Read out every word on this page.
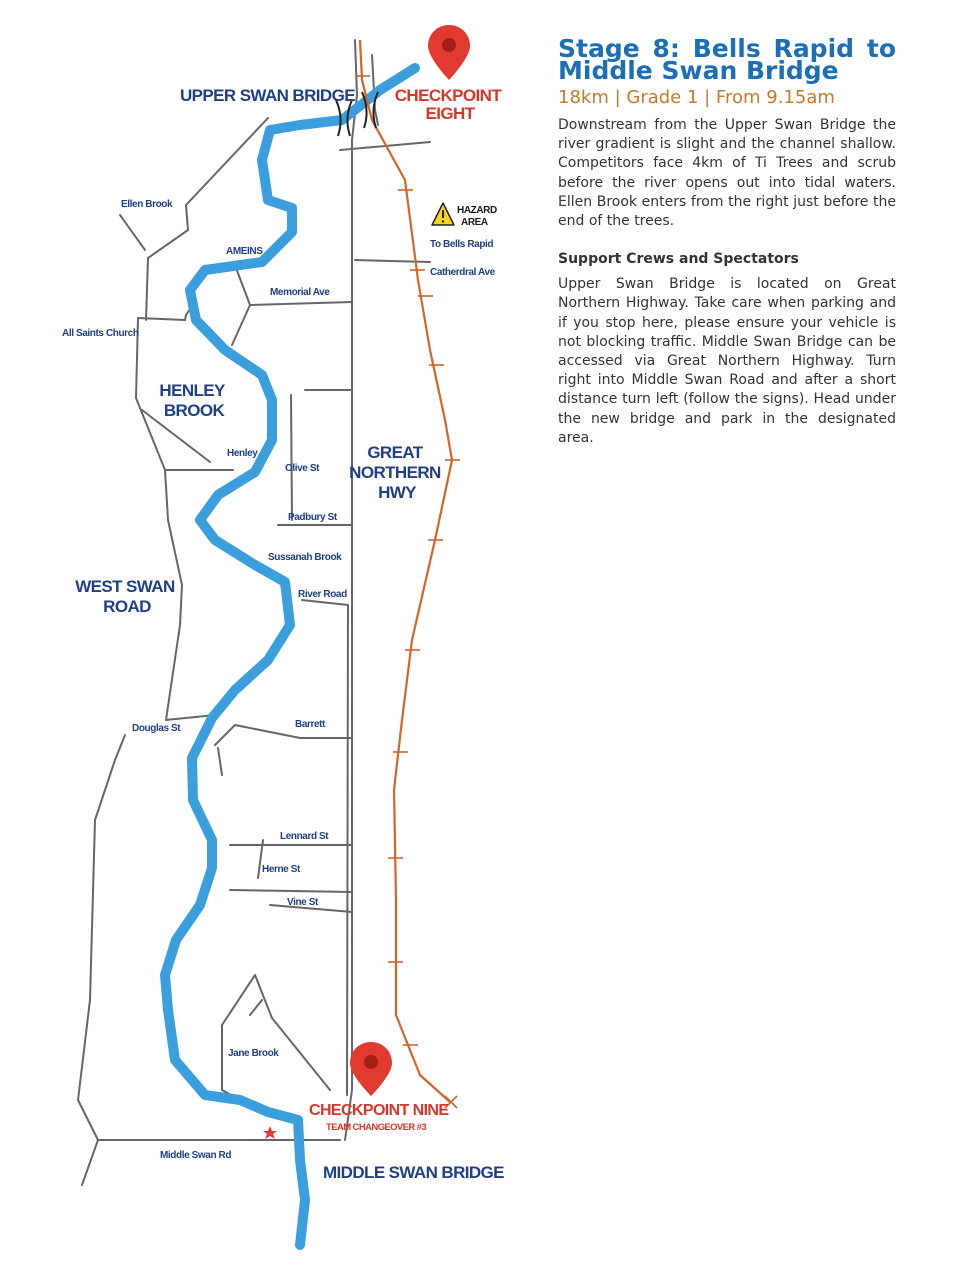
UPPER SWAN BRIDGE CHECKPOINT EIGHT
HAZARD AREA
To Bells Rapid
Catherdral Ave
Ellen Brook
AMEINS
Memorial Ave
All Saints Church
HENLEY BROOK
Henley
Olive St
GREAT NORTHERN HWY
Padbury St
Sussanah Brook
River Road
WEST SWAN ROAD
Barrett
Douglas St
Lennard St
Herne St
Vine St
Jane Brook
CHECKPOINT NINE
TEAM CHANGEOVER #3
Middle Swan Rd
MIDDLE SWAN BRIDGE
Stage 8: Bells Rapid to Middle Swan Bridge
18km | Grade 1 | From 9.15am

Downstream from the Upper Swan Bridge the river gradient is slight and the channel shallow. Competitors face 4km of Ti Trees and scrub before the river opens out into tidal waters. Ellen Brook enters from the right just before the end of the trees.

Support Crews and Spectators

Upper Swan Bridge is located on Great Northern Highway. Take care when parking and if you stop here, please ensure your vehicle is not blocking traffic. Middle Swan Bridge can be accessed via Great Northern Highway. Turn right into Middle Swan Road and after a short distance turn left (follow the signs). Head under the new bridge and park in the designated area.
